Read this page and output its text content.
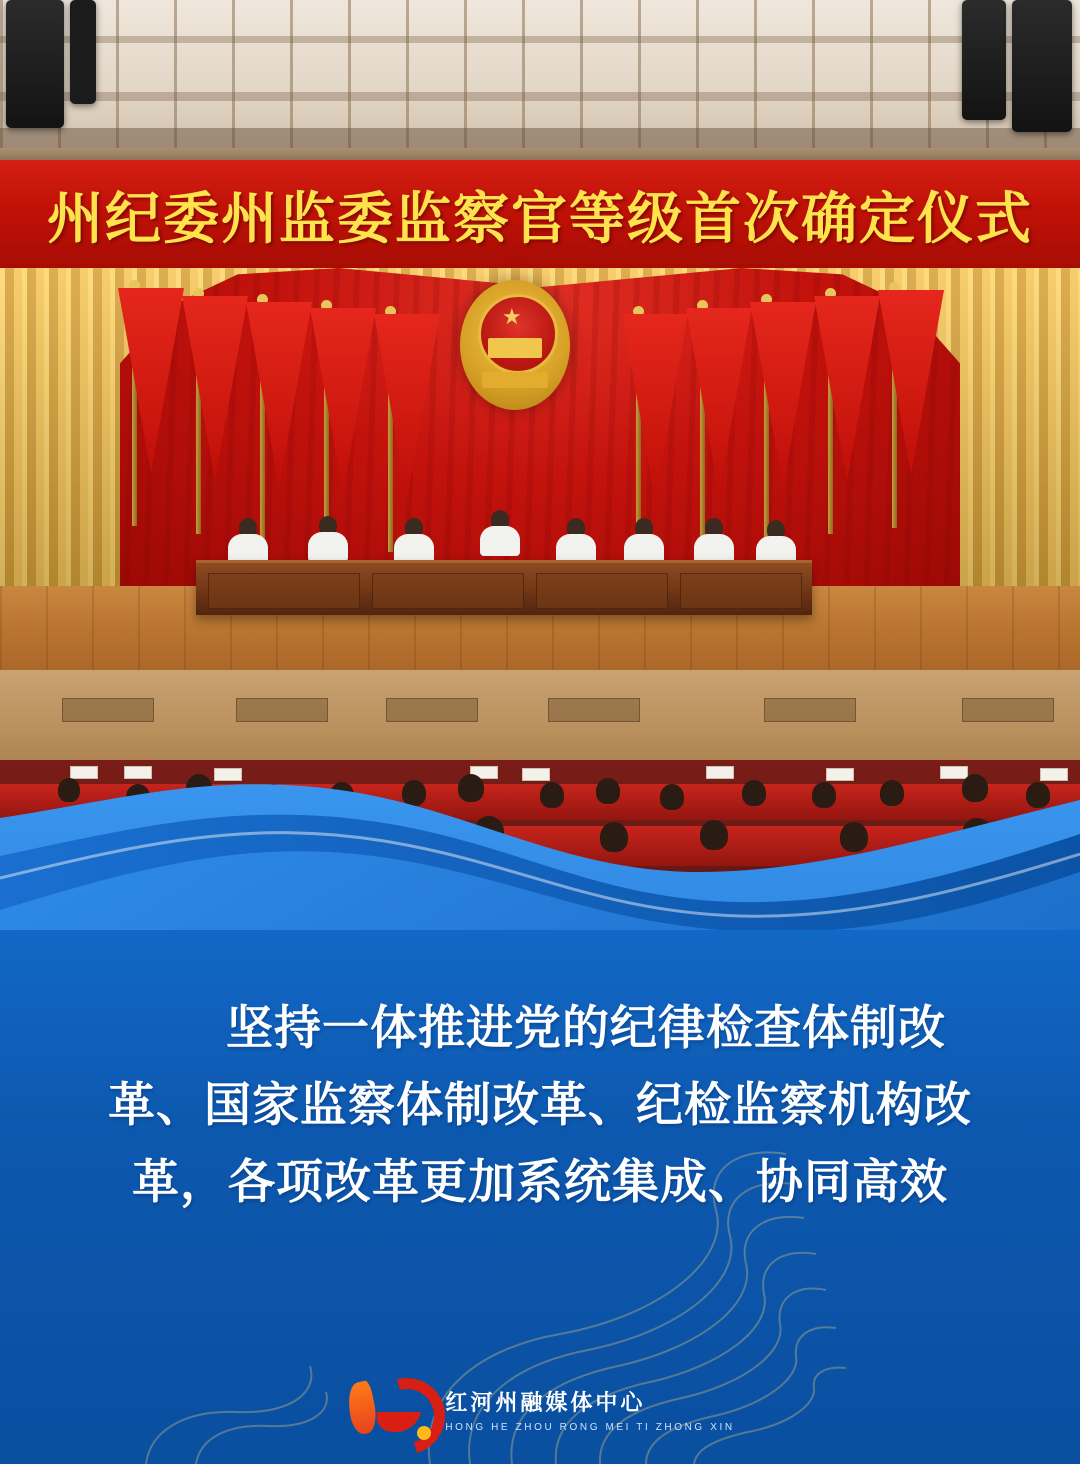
州纪委州监委监察官等级首次确定仪式
坚持一体推进党的纪律检查体制改
革、国家监察体制改革、纪检监察机构改
革，各项改革更加系统集成、协同高效
红河州融媒体中心
HONG HE ZHOU RONG MEI TI ZHONG XIN
